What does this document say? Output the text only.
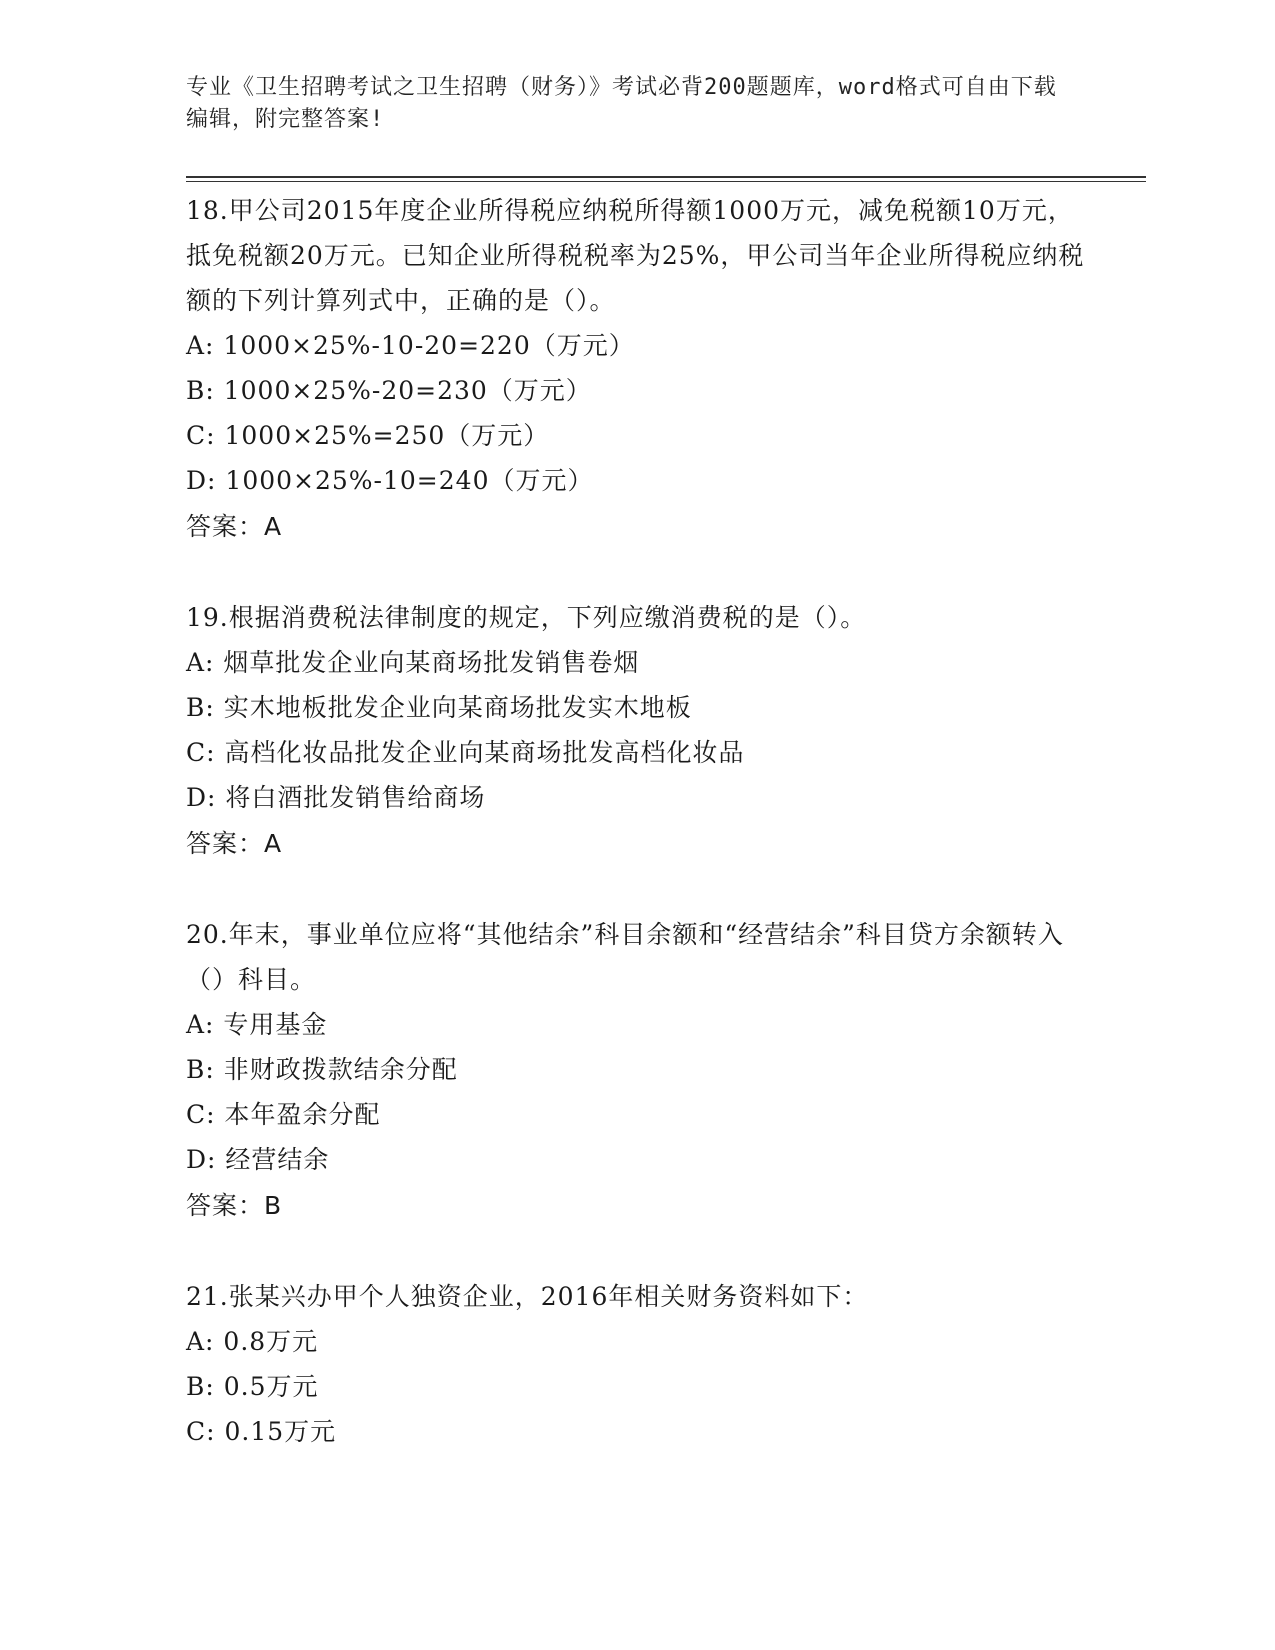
专业《卫生招聘考试之卫生招聘（财务）》考试必背200题题库，word格式可自由下载编辑，附完整答案!

18.甲公司2015年度企业所得税应纳税所得额1000万元，减免税额10万元，抵免税额20万元。已知企业所得税税率为25%，甲公司当年企业所得税应纳税额的下列计算列式中，正确的是（）。

A: 1000×25%-10-20=220（万元）

B: 1000×25%-20=230（万元）

C: 1000×25%=250（万元）

D: 1000×25%-10=240（万元）

答案：A

19.根据消费税法律制度的规定，下列应缴消费税的是（）。

A: 烟草批发企业向某商场批发销售卷烟

B: 实木地板批发企业向某商场批发实木地板

C: 高档化妆品批发企业向某商场批发高档化妆品

D: 将白酒批发销售给商场

答案：A

20.年末，事业单位应将“其他结余”科目余额和“经营结余”科目贷方余额转入（）科目。

A: 专用基金

B: 非财政拨款结余分配

C: 本年盈余分配

D: 经营结余

答案：B

21.张某兴办甲个人独资企业，2016年相关财务资料如下：

A: 0.8万元

B: 0.5万元

C: 0.15万元
